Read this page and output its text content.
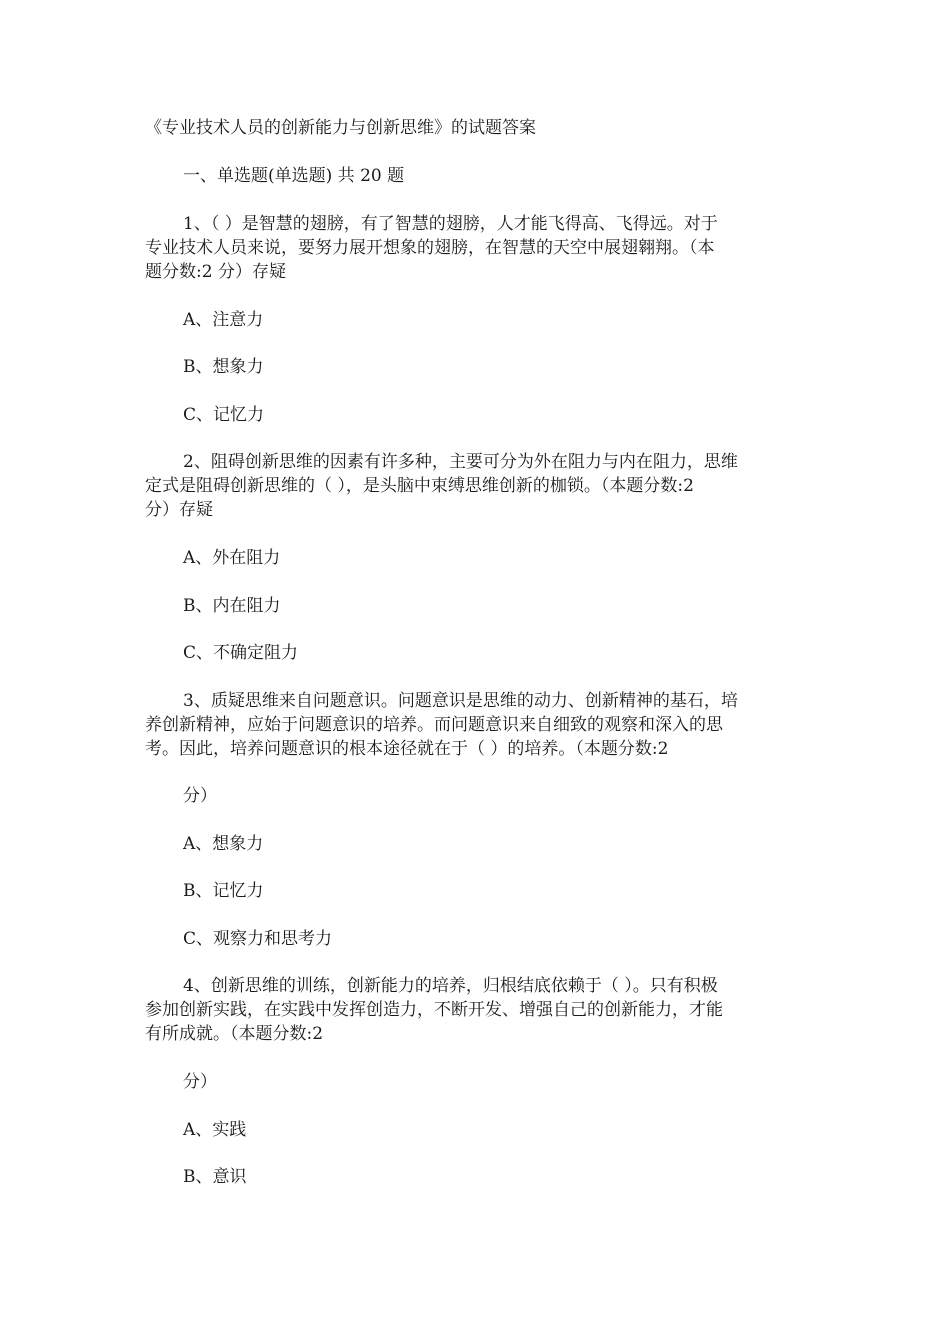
《专业技术人员的创新能力与创新思维》的试题答案

一、单选题(单选题) 共 20 题

1、（ ）是智慧的翅膀，有了智慧的翅膀，人才能飞得高、飞得远。对于

专业技术人员来说，要努力展开想象的翅膀，在智慧的天空中展翅翱翔。（本

题分数:2 分）存疑

A、注意力

B、想象力

C、记忆力

2、阻碍创新思维的因素有许多种，主要可分为外在阻力与内在阻力，思维

定式是阻碍创新思维的（ ），是头脑中束缚思维创新的枷锁。（本题分数:2

分）存疑

A、外在阻力

B、内在阻力

C、不确定阻力

3、质疑思维来自问题意识。问题意识是思维的动力、创新精神的基石，培

养创新精神，应始于问题意识的培养。而问题意识来自细致的观察和深入的思

考。因此，培养问题意识的根本途径就在于（ ）的培养。（本题分数:2

分）

A、想象力

B、记忆力

C、观察力和思考力

4、创新思维的训练，创新能力的培养，归根结底依赖于（ ）。只有积极

参加创新实践，在实践中发挥创造力，不断开发、增强自己的创新能力，才能

有所成就。（本题分数:2

分）

A、实践

B、意识
